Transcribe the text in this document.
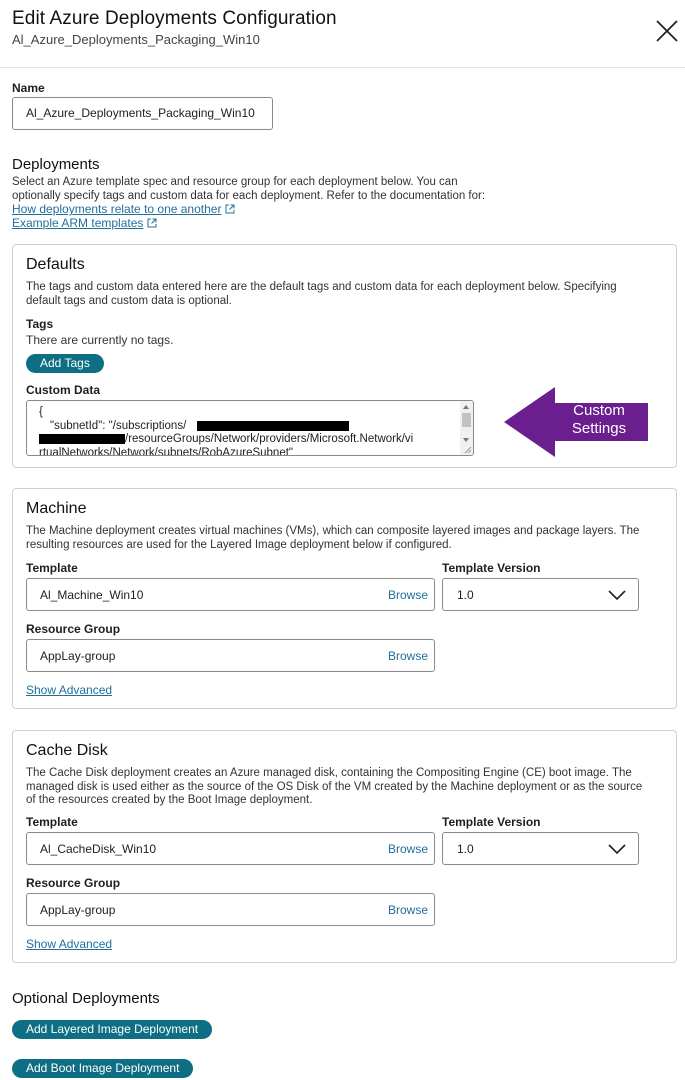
Edit Azure Deployments Configuration
Al_Azure_Deployments_Packaging_Win10
Name
Al_Azure_Deployments_Packaging_Win10
Deployments
Select an Azure template spec and resource group for each deployment below. You can
optionally specify tags and custom data for each deployment. Refer to the documentation for:
How deployments relate to one another
Example ARM templates
Defaults
The tags and custom data entered here are the default tags and custom data for each deployment below. Specifying
default tags and custom data is optional.
Tags
There are currently no tags.
Add Tags
Custom Data
{
"subnetId": "/subscriptions/
/resourceGroups/Network/providers/Microsoft.Network/vi
rtualNetworks/Network/subnets/RobAzureSubnet"
Custom Settings
Machine
The Machine deployment creates virtual machines (VMs), which can composite layered images and package layers. The
resulting resources are used for the Layered Image deployment below if configured.
Template
Al_Machine_Win10	Browse
Template Version
1.0
Resource Group
AppLay-group	Browse
Show Advanced
Cache Disk
The Cache Disk deployment creates an Azure managed disk, containing the Compositing Engine (CE) boot image. The
managed disk is used either as the source of the OS Disk of the VM created by the Machine deployment or as the source
of the resources created by the Boot Image deployment.
Template
Al_CacheDisk_Win10	Browse
Template Version
1.0
Resource Group
AppLay-group	Browse
Show Advanced
Optional Deployments
Add Layered Image Deployment
Add Boot Image Deployment
